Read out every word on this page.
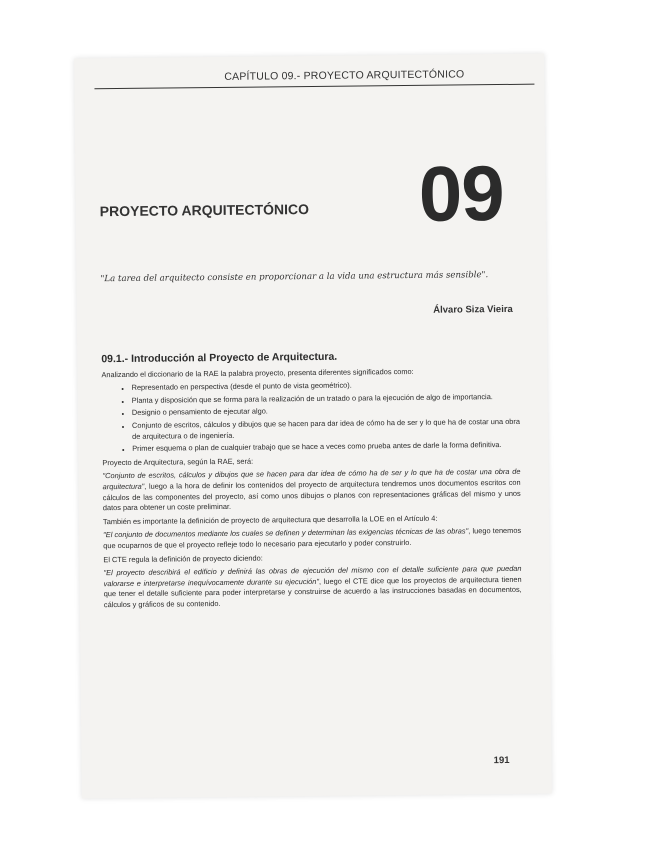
CAPÍTULO 09.- PROYECTO ARQUITECTÓNICO
09
PROYECTO ARQUITECTÓNICO
"La tarea del arquitecto consiste en proporcionar a la vida una estructura más sensible".
Álvaro Siza Vieira
09.1.- Introducción al Proyecto de Arquitectura.

Analizando el diccionario de la RAE la palabra proyecto, presenta diferentes significados como:

• Representado en perspectiva (desde el punto de vista geométrico).
• Planta y disposición que se forma para la realización de un tratado o para la ejecución de algo de importancia.
• Designio o pensamiento de ejecutar algo.
• Conjunto de escritos, cálculos y dibujos que se hacen para dar idea de cómo ha de ser y lo que ha de costar una obra de arquitectura o de ingeniería.
• Primer esquema o plan de cualquier trabajo que se hace a veces como prueba antes de darle la forma definitiva.

Proyecto de Arquitectura, según la RAE, será:

"Conjunto de escritos, cálculos y dibujos que se hacen para dar idea de cómo ha de ser y lo que ha de costar una obra de arquitectura", luego a la hora de definir los contenidos del proyecto de arquitectura tendremos unos documentos escritos con cálculos de las componentes del proyecto, así como unos dibujos o planos con representaciones gráficas del mismo y unos datos para obtener un coste preliminar.

También es importante la definición de proyecto de arquitectura que desarrolla la LOE en el Artículo 4:

"El conjunto de documentos mediante los cuales se definen y determinan las exigencias técnicas de las obras", luego tenemos que ocuparnos de que el proyecto refleje todo lo necesario para ejecutarlo y poder construirlo.

El CTE regula la definición de proyecto diciendo:

"El proyecto describirá el edificio y definirá las obras de ejecución del mismo con el detalle suficiente para que puedan valorarse e interpretarse inequívocamente durante su ejecución", luego el CTE dice que los proyectos de arquitectura tienen que tener el detalle suficiente para poder interpretarse y construirse de acuerdo a las instrucciones basadas en documentos, cálculos y gráficos de su contenido.

191
